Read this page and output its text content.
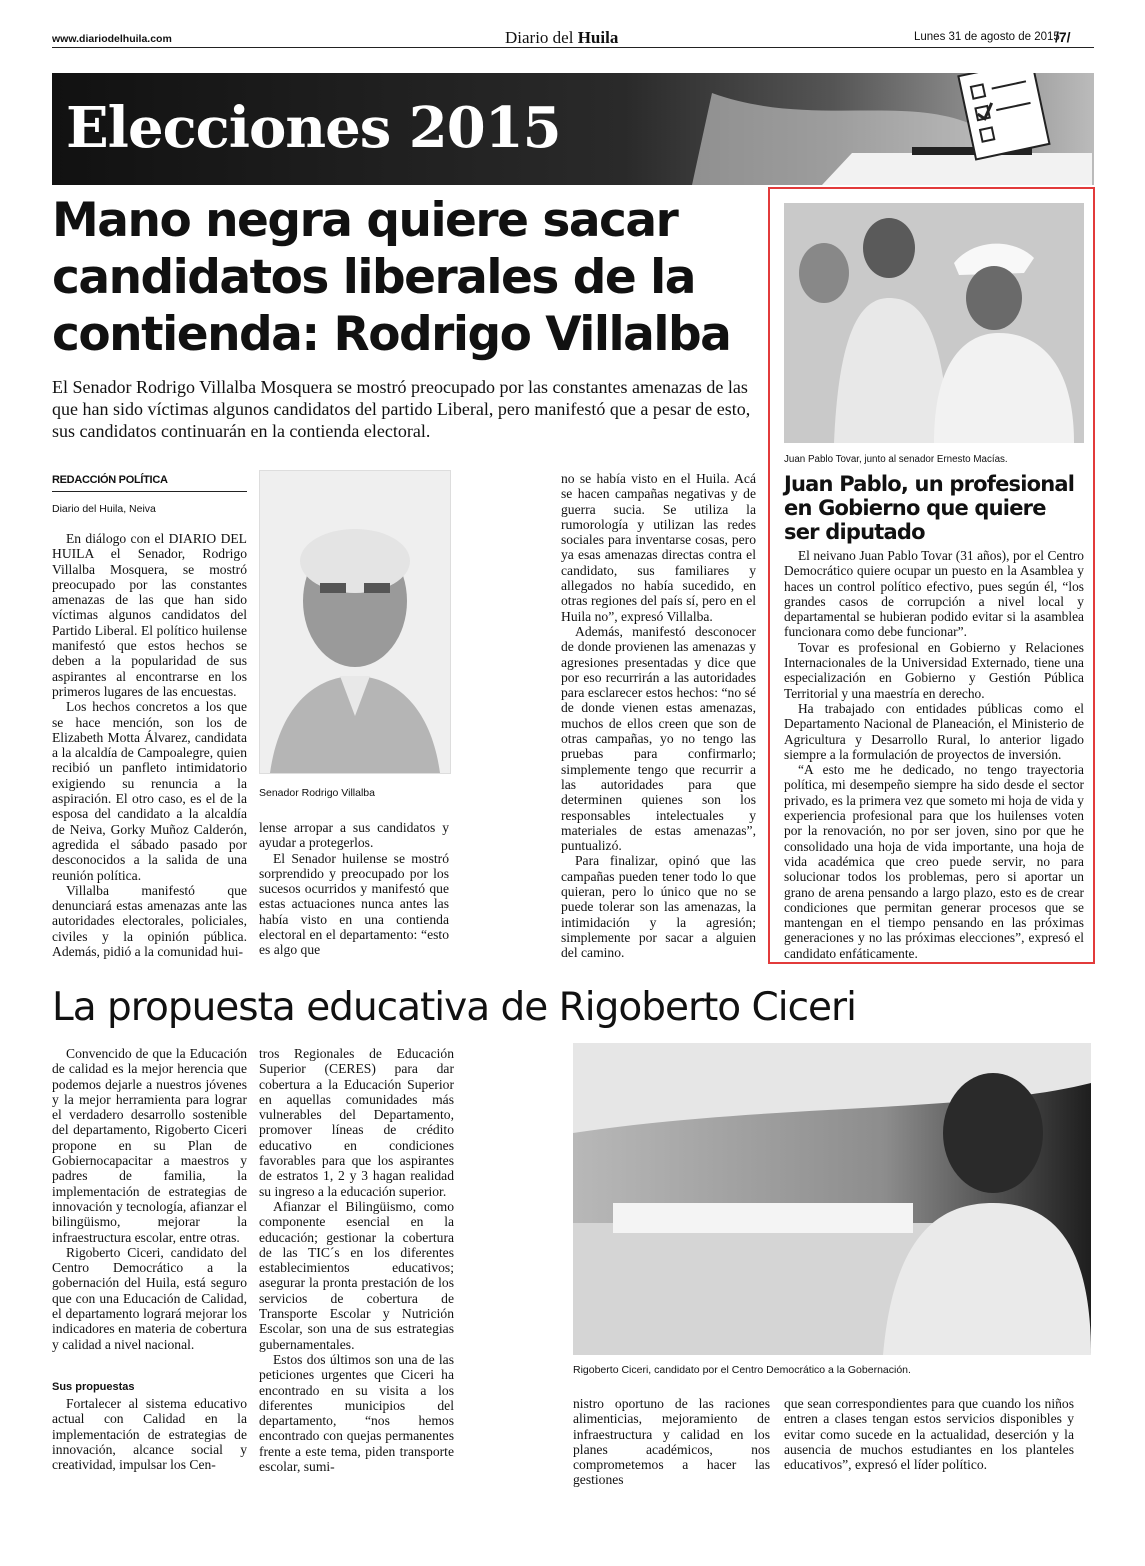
www.diariodelhuila.com	Diario del Huila	Lunes 31 de agosto de 2015
/7/
Elecciones 2015
Mano negra quiere sacar candidatos liberales de la contienda: Rodrigo Villalba
El Senador Rodrigo Villalba Mosquera se mostró preocupado por las constantes amenazas de las que han sido víctimas algunos candidatos del partido Liberal, pero manifestó que a pesar de esto, sus candidatos continuarán en la contienda electoral.
REDACCIÓN POLÍTICA
Diario del Huila, Neiva

En diálogo con el DIARIO DEL HUILA el Senador, Rodrigo Villalba Mosquera, se mostró preocupado por las constantes amenazas de las que han sido víctimas algunos candidatos del Partido Liberal. El político huilense manifestó que estos hechos se deben a la popularidad de sus aspirantes al encontrarse en los primeros lugares de las encuestas.

Los hechos concretos a los que se hace mención, son los de Elizabeth Motta Álvarez, candidata a la alcaldía de Campoalegre, quien recibió un panfleto intimidatorio exigiendo su renuncia a la aspiración. El otro caso, es el de la esposa del candidato a la alcaldía de Neiva, Gorky Muñoz Calderón, agredida el sábado pasado por desconocidos a la salida de una reunión política.

Villalba manifestó que denunciará estas amenazas ante las autoridades electorales, policiales, civiles y la opinión pública. Además, pidió a la comunidad hui-

Senador Rodrigo Villalba

lense arropar a sus candidatos y ayudar a protegerlos.

El Senador huilense se mostró sorprendido y preocupado por los sucesos ocurridos y manifestó que estas actuaciones nunca antes las había visto en una contienda electoral en el departamento: “esto es algo que

no se había visto en el Huila. Acá se hacen campañas negativas y de guerra sucia. Se utiliza la rumorología y utilizan las redes sociales para inventarse cosas, pero ya esas amenazas directas contra el candidato, sus familiares y allegados no había sucedido, en otras regiones del país sí, pero en el Huila no”, expresó Villalba.

Además, manifestó desconocer de donde provienen las amenazas y agresiones presentadas y dice que por eso recurrirán a las autoridades para esclarecer estos hechos: “no sé de donde vienen estas amenazas, muchos de ellos creen que son de otras campañas, yo no tengo las pruebas para confirmarlo; simplemente tengo que recurrir a las autoridades para que determinen quienes son los responsables intelectuales y materiales de estas amenazas”, puntualizó.

Para finalizar, opinó que las campañas pueden tener todo lo que quieran, pero lo único que no se puede tolerar son las amenazas, la intimidación y la agresión; simplemente por sacar a alguien del camino.

Juan Pablo Tovar, junto al senador Ernesto Macías.
Juan Pablo, un profesional en Gobierno que quiere ser diputado

El neivano Juan Pablo Tovar (31 años), por el Centro Democrático quiere ocupar un puesto en la Asamblea y haces un control político efectivo, pues según él, “los grandes casos de corrupción a nivel local y departamental se hubieran podido evitar si la asamblea funcionara como debe funcionar”.

Tovar es profesional en Gobierno y Relaciones Internacionales de la Universidad Externado, tiene una especialización en Gobierno y Gestión Pública Territorial y una maestría en derecho.

Ha trabajado con entidades públicas como el Departamento Nacional de Planeación, el Ministerio de Agricultura y Desarrollo Rural, lo anterior ligado siempre a la formulación de proyectos de inversión.

“A esto me he dedicado, no tengo trayectoria política, mi desempeño siempre ha sido desde el sector privado, es la primera vez que someto mi hoja de vida y experiencia profesional para que los huilenses voten por la renovación, no por ser joven, sino por que he consolidado una hoja de vida importante, una hoja de vida académica que creo puede servir, no para solucionar todos los problemas, pero si aportar un grano de arena pensando a largo plazo, esto es de crear condiciones que permitan generar procesos que se mantengan en el tiempo pensando en las próximas generaciones y no las próximas elecciones”, expresó el candidato enfáticamente.

La propuesta educativa de Rigoberto Ciceri

Convencido de que la Educación de calidad es la mejor herencia que podemos dejarle a nuestros jóvenes y la mejor herramienta para lograr el verdadero desarrollo sostenible del departamento, Rigoberto Ciceri propone en su Plan de Gobiernocapacitar a maestros y padres de familia, la implementación de estrategias de innovación y tecnología, afianzar el bilingüismo, mejorar la infraestructura escolar, entre otras.

Rigoberto Ciceri, candidato del Centro Democrático a la gobernación del Huila, está seguro que con una Educación de Calidad, el departamento logrará mejorar los indicadores en materia de cobertura y calidad a nivel nacional.

Sus propuestas

Fortalecer al sistema educativo actual con Calidad en la implementación de estrategias de innovación, alcance social y creatividad, impulsar los Cen-

tros Regionales de Educación Superior (CERES) para dar cobertura a la Educación Superior en aquellas comunidades más vulnerables del Departamento, promover líneas de crédito educativo en condiciones favorables para que los aspirantes de estratos 1, 2 y 3 hagan realidad su ingreso a la educación superior.

Afianzar el Bilingüismo, como componente esencial en la educación; gestionar la cobertura de las TIC´s en los diferentes establecimientos educativos; asegurar la pronta prestación de los servicios de cobertura de Transporte Escolar y Nutrición Escolar, son una de sus estrategias gubernamentales.

Estos dos últimos son una de las peticiones urgentes que Ciceri ha encontrado en su visita a los diferentes municipios del departamento, “nos hemos encontrado con quejas permanentes frente a este tema, piden transporte escolar, sumi-

Rigoberto Ciceri, candidato por el Centro Democrático a la Gobernación.

nistro oportuno de las raciones alimenticias, mejoramiento de infraestructura y calidad en los planes académicos, nos comprometemos a hacer las gestiones

que sean correspondientes para que cuando los niños entren a clases tengan estos servicios disponibles y evitar como sucede en la actualidad, deserción y la ausencia de muchos estudiantes en los planteles educativos”, expresó el líder político.
